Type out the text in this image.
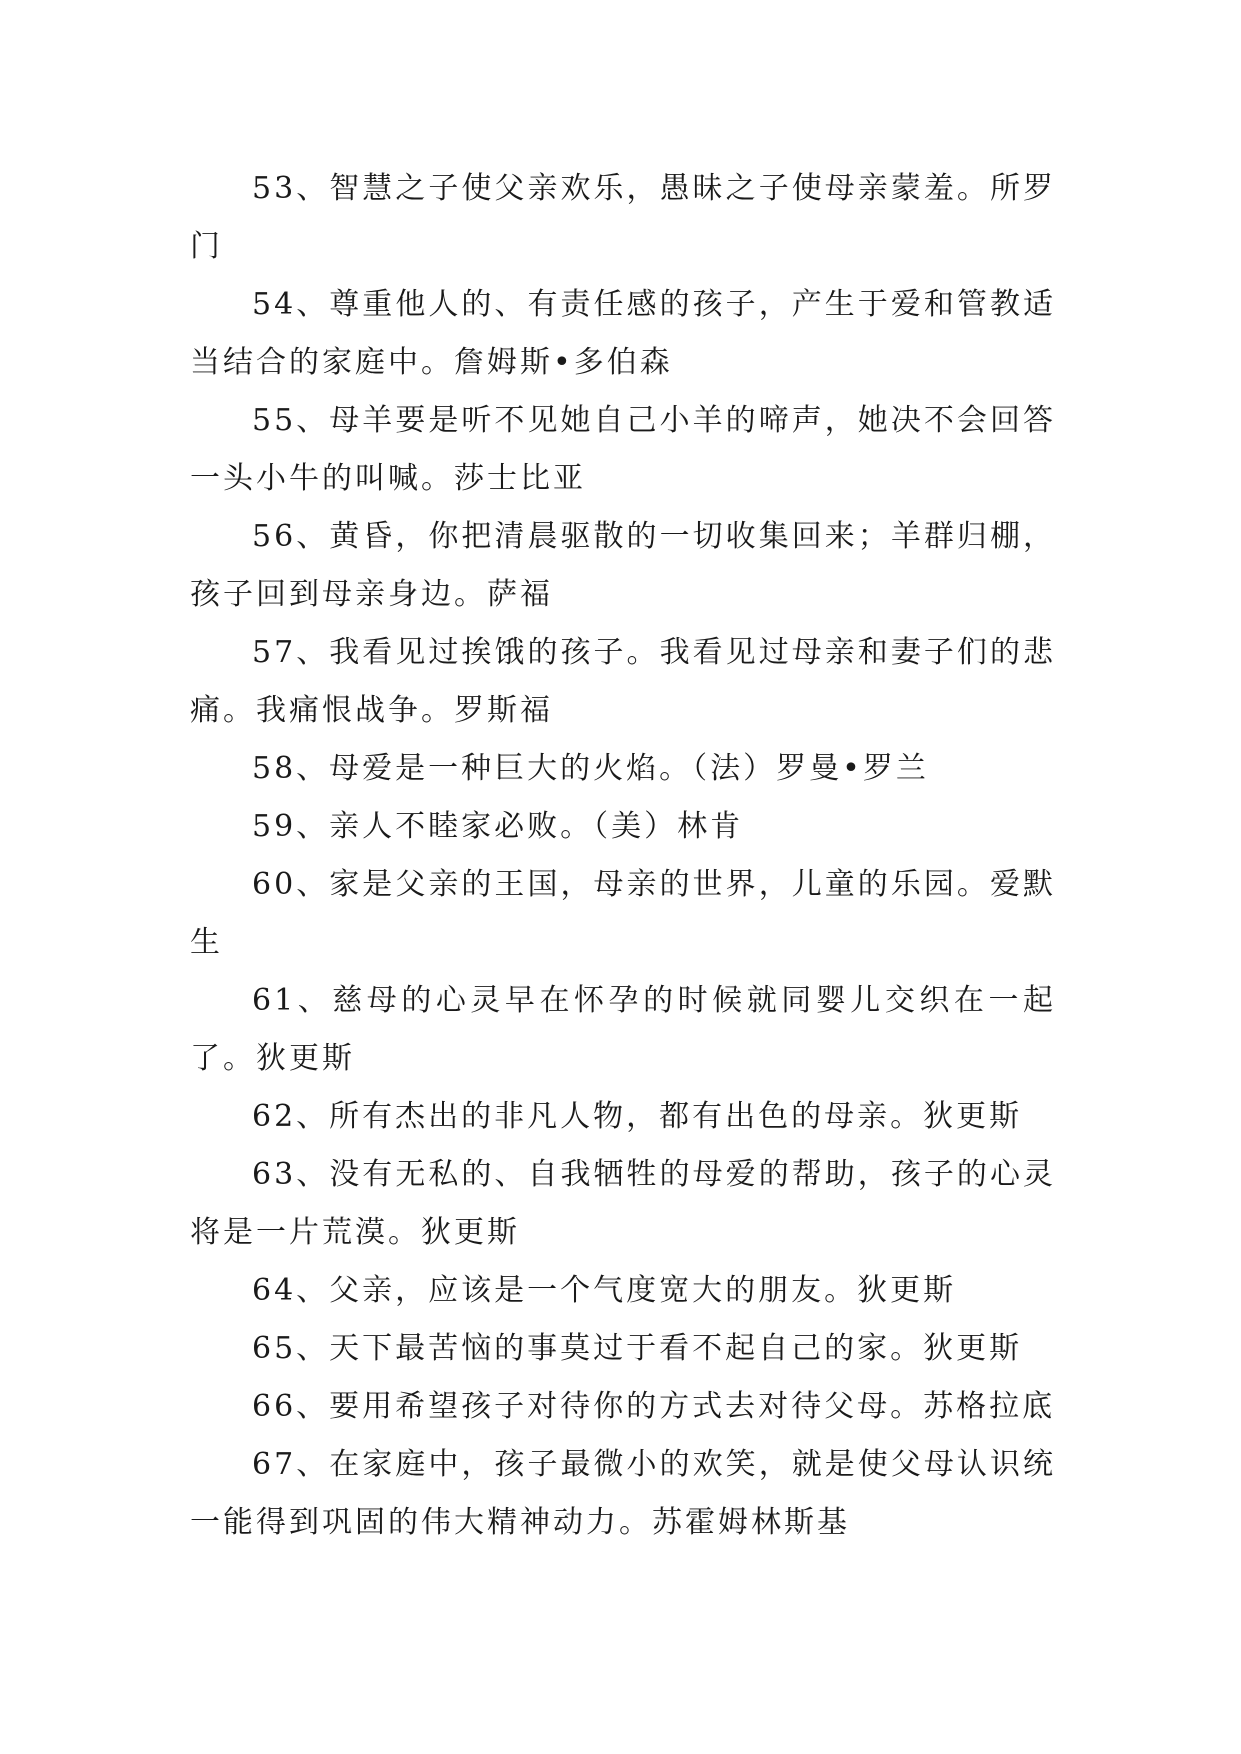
53、智慧之子使父亲欢乐，愚昧之子使母亲蒙羞。所罗门

54、尊重他人的、有责任感的孩子，产生于爱和管教适当结合的家庭中。詹姆斯•多伯森

55、母羊要是听不见她自己小羊的啼声，她决不会回答一头小牛的叫喊。莎士比亚

56、黄昏，你把清晨驱散的一切收集回来；羊群归棚，孩子回到母亲身边。萨福

57、我看见过挨饿的孩子。我看见过母亲和妻子们的悲痛。我痛恨战争。罗斯福

58、母爱是一种巨大的火焰。（法）罗曼•罗兰

59、亲人不睦家必败。（美）林肯

60、家是父亲的王国，母亲的世界，儿童的乐园。爱默生

61、慈母的心灵早在怀孕的时候就同婴儿交织在一起了。狄更斯

62、所有杰出的非凡人物，都有出色的母亲。狄更斯

63、没有无私的、自我牺牲的母爱的帮助，孩子的心灵将是一片荒漠。狄更斯

64、父亲，应该是一个气度宽大的朋友。狄更斯

65、天下最苦恼的事莫过于看不起自己的家。狄更斯

66、要用希望孩子对待你的方式去对待父母。苏格拉底

67、在家庭中，孩子最微小的欢笑，就是使父母认识统一能得到巩固的伟大精神动力。苏霍姆林斯基
